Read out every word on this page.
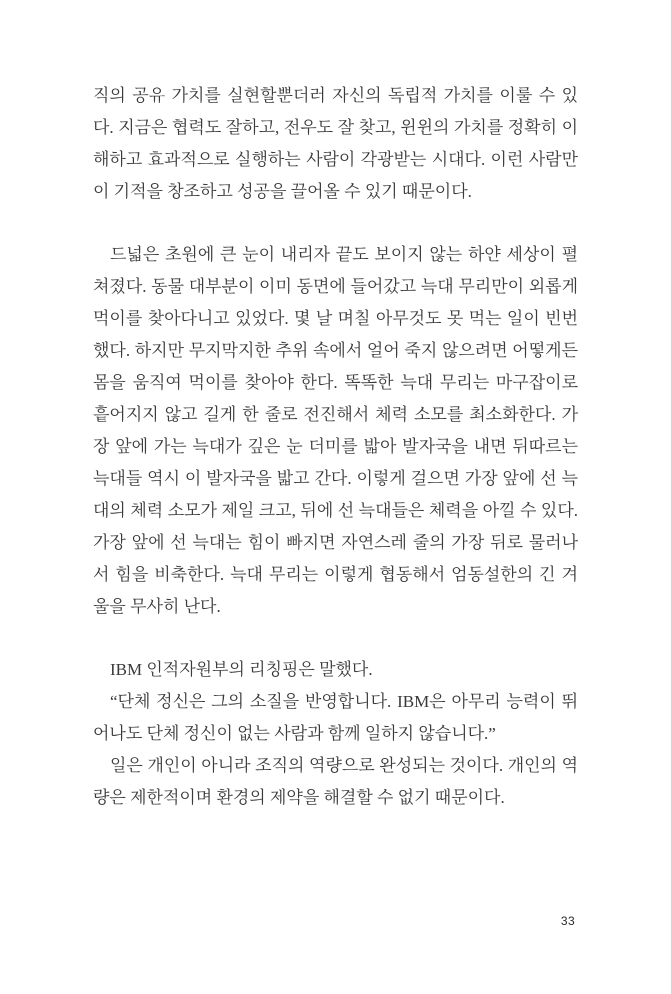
직의 공유 가치를 실현할뿐더러 자신의 독립적 가치를 이룰 수 있다. 지금은 협력도 잘하고, 전우도 잘 찾고, 윈윈의 가치를 정확히 이해하고 효과적으로 실행하는 사람이 각광받는 시대다. 이런 사람만이 기적을 창조하고 성공을 끌어올 수 있기 때문이다.

드넓은 초원에 큰 눈이 내리자 끝도 보이지 않는 하얀 세상이 펼쳐졌다. 동물 대부분이 이미 동면에 들어갔고 늑대 무리만이 외롭게 먹이를 찾아다니고 있었다. 몇 날 며칠 아무것도 못 먹는 일이 빈번했다. 하지만 무지막지한 추위 속에서 얼어 죽지 않으려면 어떻게든 몸을 움직여 먹이를 찾아야 한다. 똑똑한 늑대 무리는 마구잡이로 흩어지지 않고 길게 한 줄로 전진해서 체력 소모를 최소화한다. 가장 앞에 가는 늑대가 깊은 눈 더미를 밟아 발자국을 내면 뒤따르는 늑대들 역시 이 발자국을 밟고 간다. 이렇게 걸으면 가장 앞에 선 늑대의 체력 소모가 제일 크고, 뒤에 선 늑대들은 체력을 아낄 수 있다. 가장 앞에 선 늑대는 힘이 빠지면 자연스레 줄의 가장 뒤로 물러나서 힘을 비축한다. 늑대 무리는 이렇게 협동해서 엄동설한의 긴 겨울을 무사히 난다.

IBM 인적자원부의 리칭핑은 말했다.

“단체 정신은 그의 소질을 반영합니다. IBM은 아무리 능력이 뛰어나도 단체 정신이 없는 사람과 함께 일하지 않습니다.”

일은 개인이 아니라 조직의 역량으로 완성되는 것이다. 개인의 역량은 제한적이며 환경의 제약을 해결할 수 없기 때문이다.

33
